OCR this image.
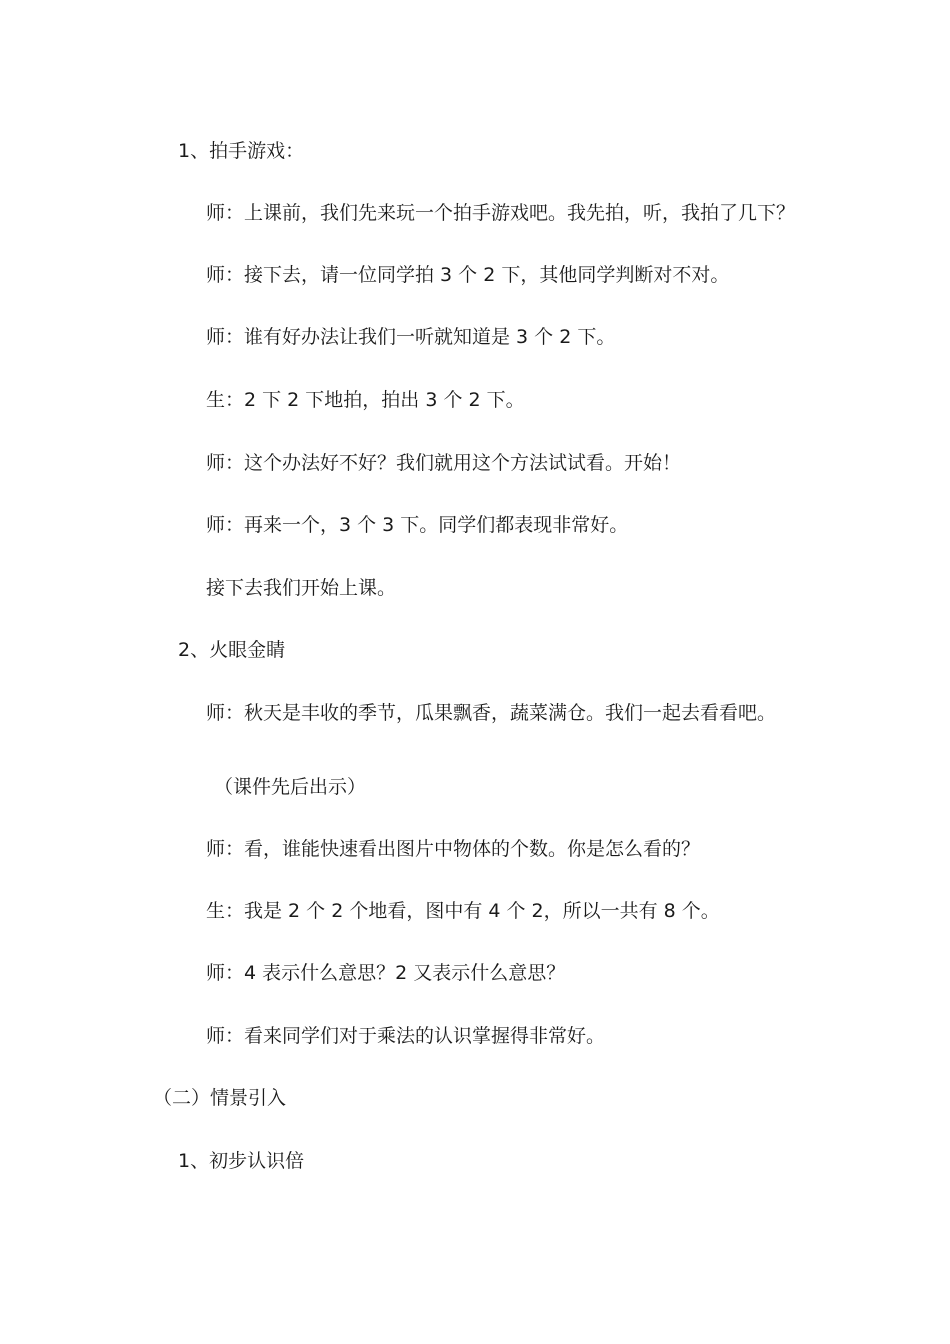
1、拍手游戏：

师：上课前，我们先来玩一个拍手游戏吧。我先拍，听，我拍了几下？

师：接下去，请一位同学拍 3 个 2 下，其他同学判断对不对。

师：谁有好办法让我们一听就知道是 3 个 2 下。

生：2 下 2 下地拍，拍出 3 个 2 下。

师：这个办法好不好？我们就用这个方法试试看。开始！

师：再来一个，3 个 3 下。同学们都表现非常好。

接下去我们开始上课。

2、火眼金睛

师：秋天是丰收的季节，瓜果飘香，蔬菜满仓。我们一起去看看吧。

（课件先后出示）

师：看，谁能快速看出图片中物体的个数。你是怎么看的？

生：我是 2 个 2 个地看，图中有 4 个 2，所以一共有 8 个。

师：4 表示什么意思？2 又表示什么意思？

师：看来同学们对于乘法的认识掌握得非常好。

（二）情景引入

1、初步认识倍
